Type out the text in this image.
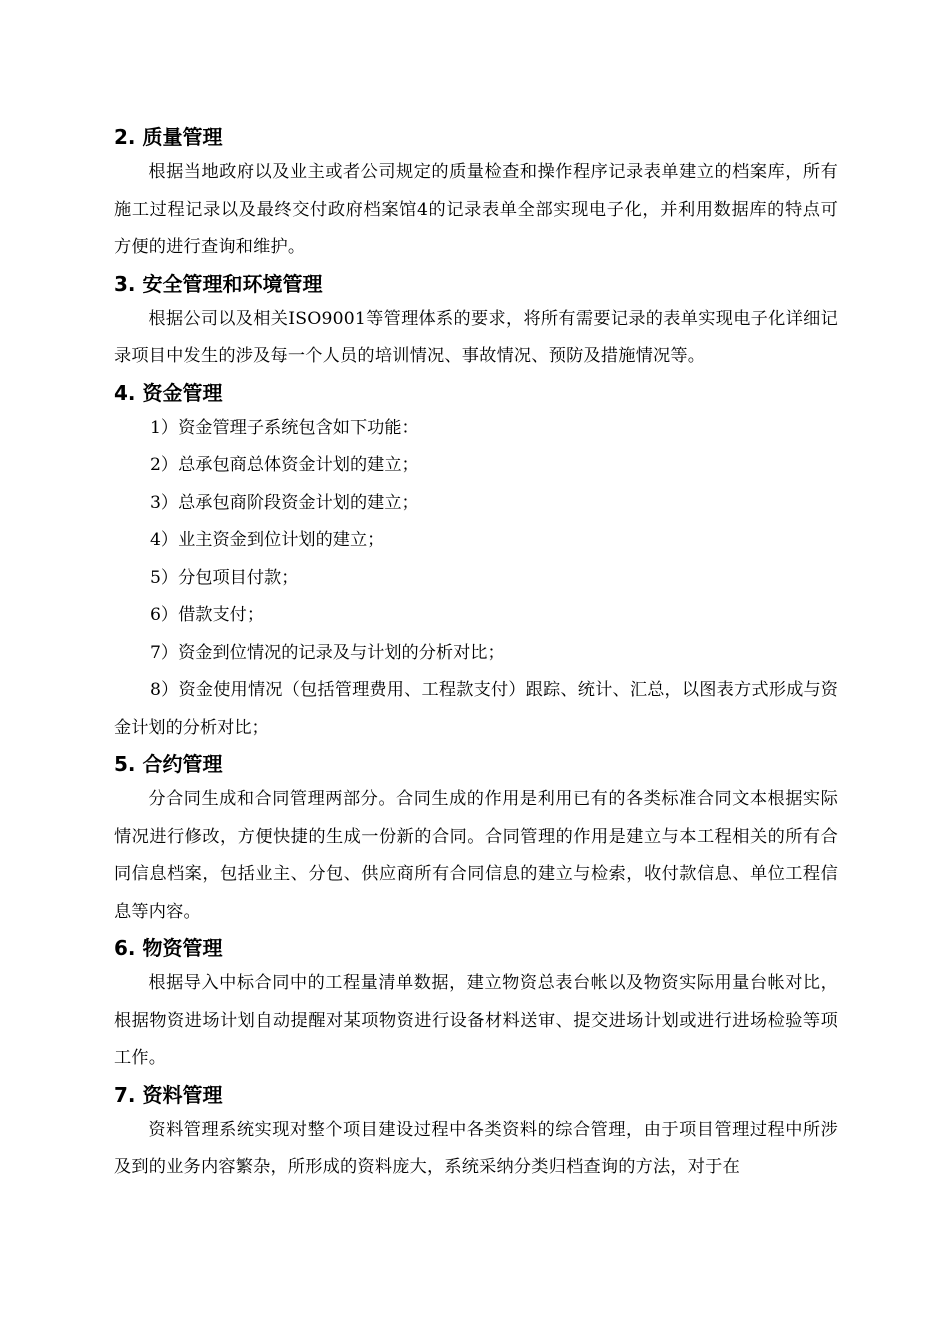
2. 质量管理

根据当地政府以及业主或者公司规定的质量检查和操作程序记录表单建立的档案库，所有施工过程记录以及最终交付政府档案馆4的记录表单全部实现电子化，并利用数据库的特点可方便的进行查询和维护。

3. 安全管理和环境管理

根据公司以及相关ISO9001等管理体系的要求，将所有需要记录的表单实现电子化详细记录项目中发生的涉及每一个人员的培训情况、事故情况、预防及措施情况等。

4. 资金管理

1）资金管理子系统包含如下功能：

2）总承包商总体资金计划的建立；

3）总承包商阶段资金计划的建立；

4）业主资金到位计划的建立；

5）分包项目付款；

6）借款支付；

7）资金到位情况的记录及与计划的分析对比；

8）资金使用情况（包括管理费用、工程款支付）跟踪、统计、汇总，以图表方式形成与资金计划的分析对比；

5. 合约管理

分合同生成和合同管理两部分。合同生成的作用是利用已有的各类标准合同文本根据实际情况进行修改，方便快捷的生成一份新的合同。合同管理的作用是建立与本工程相关的所有合同信息档案，包括业主、分包、供应商所有合同信息的建立与检索，收付款信息、单位工程信息等内容。

6. 物资管理

根据导入中标合同中的工程量清单数据，建立物资总表台帐以及物资实际用量台帐对比，根据物资进场计划自动提醒对某项物资进行设备材料送审、提交进场计划或进行进场检验等项工作。

7. 资料管理

资料管理系统实现对整个项目建设过程中各类资料的综合管理，由于项目管理过程中所涉及到的业务内容繁杂，所形成的资料庞大，系统采纳分类归档查询的方法，对于在
